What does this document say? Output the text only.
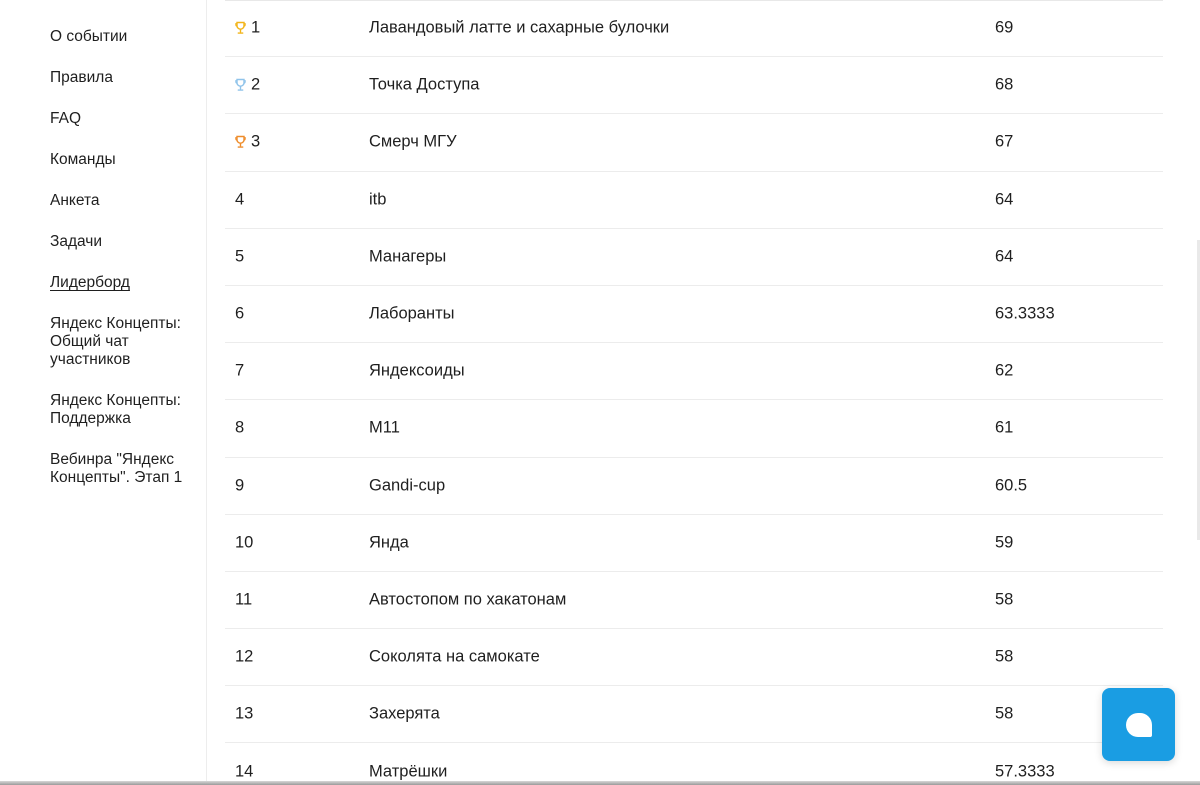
О событии
Правила
FAQ
Команды
Анкета
Задачи
Лидерборд
Яндекс Концепты: Общий чат участников
Яндекс Концепты: Поддержка
Вебинра "Яндекс Концепты". Этап 1
1	Лавандовый латте и сахарные булочки	69
2	Точка Доступа	68
3	Смерч МГУ	67
4	itb	64
5	Манагеры	64
6	Лаборанты	63.3333
7	Яндексоиды	62
8	М11	61
9	Gandi-cup	60.5
10	Янда	59
11	Автостопом по хакатонам	58
12	Соколята на самокате	58
13	Захерята	58
14	Матрёшки	57.3333
